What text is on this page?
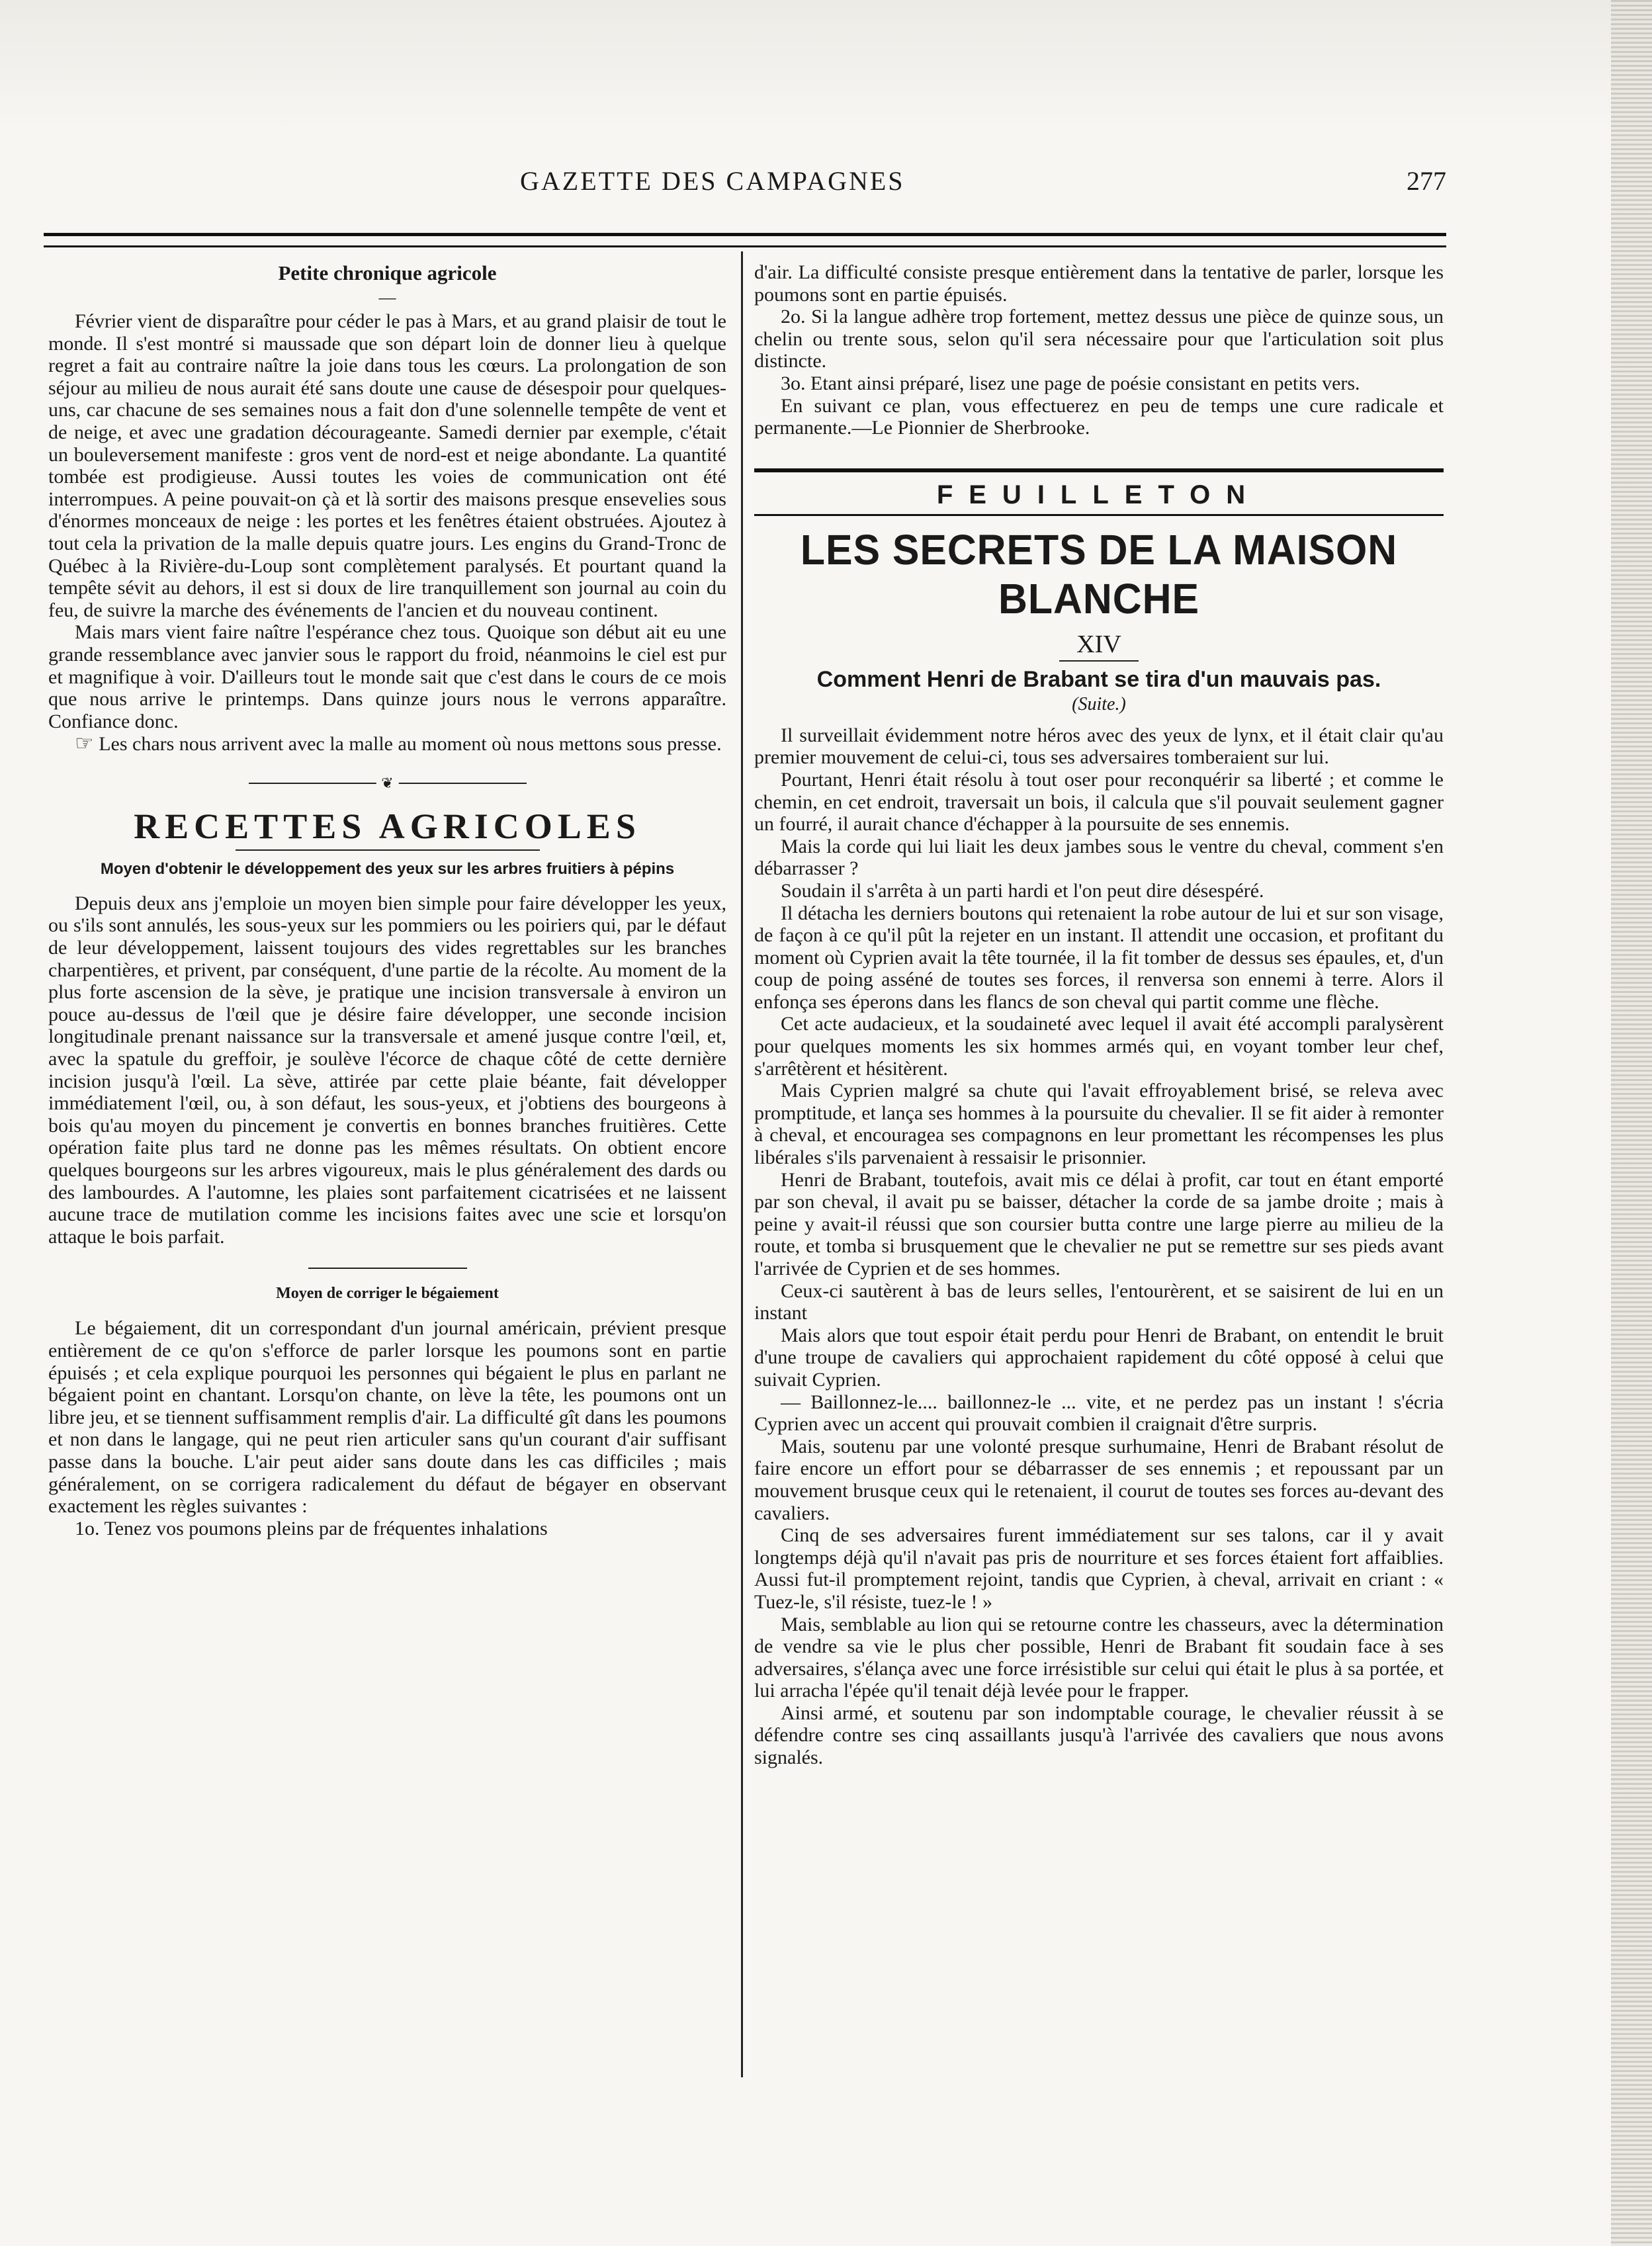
GAZETTE DES CAMPAGNES	277
Petite chronique agricole
—

Février vient de disparaître pour céder le pas à Mars, et au grand plaisir de tout le monde. Il s'est montré si maussade que son départ loin de donner lieu à quelque regret a fait au contraire naître la joie dans tous les cœurs. La prolongation de son séjour au milieu de nous aurait été sans doute une cause de désespoir pour quelques-uns, car chacune de ses semaines nous a fait don d'une solennelle tempête de vent et de neige, et avec une gradation décourageante. Samedi dernier par exemple, c'était un bouleversement manifeste : gros vent de nord-est et neige abondante. La quantité tombée est prodigieuse. Aussi toutes les voies de communication ont été interrompues. A peine pouvait-on çà et là sortir des maisons presque ensevelies sous d'énormes monceaux de neige : les portes et les fenêtres étaient obstruées. Ajoutez à tout cela la privation de la malle depuis quatre jours. Les engins du Grand-Tronc de Québec à la Rivière-du-Loup sont complètement paralysés. Et pourtant quand la tempête sévit au dehors, il est si doux de lire tranquillement son journal au coin du feu, de suivre la marche des événements de l'ancien et du nouveau continent.

Mais mars vient faire naître l'espérance chez tous. Quoique son début ait eu une grande ressemblance avec janvier sous le rapport du froid, néanmoins le ciel est pur et magnifique à voir. D'ailleurs tout le monde sait que c'est dans le cours de ce mois que nous arrive le printemps. Dans quinze jours nous le verrons apparaître. Confiance donc.

☞ Les chars nous arrivent avec la malle au moment où nous mettons sous presse.

❦
RECETTES AGRICOLES

Moyen d'obtenir le développement des yeux sur les arbres fruitiers à pépins

Depuis deux ans j'emploie un moyen bien simple pour faire développer les yeux, ou s'ils sont annulés, les sous-yeux sur les pommiers ou les poiriers qui, par le défaut de leur développement, laissent toujours des vides regrettables sur les branches charpentières, et privent, par conséquent, d'une partie de la récolte. Au moment de la plus forte ascension de la sève, je pratique une incision transversale à environ un pouce au-dessus de l'œil que je désire faire développer, une seconde incision longitudinale prenant naissance sur la transversale et amené jusque contre l'œil, et, avec la spatule du greffoir, je soulève l'écorce de chaque côté de cette dernière incision jusqu'à l'œil. La sève, attirée par cette plaie béante, fait développer immédiatement l'œil, ou, à son défaut, les sous-yeux, et j'obtiens des bourgeons à bois qu'au moyen du pincement je convertis en bonnes branches fruitières. Cette opération faite plus tard ne donne pas les mêmes résultats. On obtient encore quelques bourgeons sur les arbres vigoureux, mais le plus généralement des dards ou des lambourdes. A l'automne, les plaies sont parfaitement cicatrisées et ne laissent aucune trace de mutilation comme les incisions faites avec une scie et lorsqu'on attaque le bois parfait.

Moyen de corriger le bégaiement

Le bégaiement, dit un correspondant d'un journal américain, prévient presque entièrement de ce qu'on s'efforce de parler lorsque les poumons sont en partie épuisés ; et cela explique pourquoi les personnes qui bégaient le plus en parlant ne bégaient point en chantant. Lorsqu'on chante, on lève la tête, les poumons ont un libre jeu, et se tiennent suffisamment remplis d'air. La difficulté gît dans les poumons et non dans le langage, qui ne peut rien articuler sans qu'un courant d'air suffisant passe dans la bouche. L'air peut aider sans doute dans les cas difficiles ; mais généralement, on se corrigera radicalement du défaut de bégayer en observant exactement les règles suivantes :

1o. Tenez vos poumons pleins par de fréquentes inhalations

d'air. La difficulté consiste presque entièrement dans la tentative de parler, lorsque les poumons sont en partie épuisés.

2o. Si la langue adhère trop fortement, mettez dessus une pièce de quinze sous, un chelin ou trente sous, selon qu'il sera nécessaire pour que l'articulation soit plus distincte.

3o. Etant ainsi préparé, lisez une page de poésie consistant en petits vers.

En suivant ce plan, vous effectuerez en peu de temps une cure radicale et permanente.—Le Pionnier de Sherbrooke.

FEUILLETON
LES SECRETS DE LA MAISON BLANCHE
XIV
Comment Henri de Brabant se tira d'un mauvais pas.
(Suite.)

Il surveillait évidemment notre héros avec des yeux de lynx, et il était clair qu'au premier mouvement de celui-ci, tous ses adversaires tomberaient sur lui.

Pourtant, Henri était résolu à tout oser pour reconquérir sa liberté ; et comme le chemin, en cet endroit, traversait un bois, il calcula que s'il pouvait seulement gagner un fourré, il aurait chance d'échapper à la poursuite de ses ennemis.

Mais la corde qui lui liait les deux jambes sous le ventre du cheval, comment s'en débarrasser ?

Soudain il s'arrêta à un parti hardi et l'on peut dire désespéré.

Il détacha les derniers boutons qui retenaient la robe autour de lui et sur son visage, de façon à ce qu'il pût la rejeter en un instant. Il attendit une occasion, et profitant du moment où Cyprien avait la tête tournée, il la fit tomber de dessus ses épaules, et, d'un coup de poing asséné de toutes ses forces, il renversa son ennemi à terre. Alors il enfonça ses éperons dans les flancs de son cheval qui partit comme une flèche.

Cet acte audacieux, et la soudaineté avec lequel il avait été accompli paralysèrent pour quelques moments les six hommes armés qui, en voyant tomber leur chef, s'arrêtèrent et hésitèrent.

Mais Cyprien malgré sa chute qui l'avait effroyablement brisé, se releva avec promptitude, et lança ses hommes à la poursuite du chevalier. Il se fit aider à remonter à cheval, et encouragea ses compagnons en leur promettant les récompenses les plus libérales s'ils parvenaient à ressaisir le prisonnier.

Henri de Brabant, toutefois, avait mis ce délai à profit, car tout en étant emporté par son cheval, il avait pu se baisser, détacher la corde de sa jambe droite ; mais à peine y avait-il réussi que son coursier butta contre une large pierre au milieu de la route, et tomba si brusquement que le chevalier ne put se remettre sur ses pieds avant l'arrivée de Cyprien et de ses hommes.

Ceux-ci sautèrent à bas de leurs selles, l'entourèrent, et se saisirent de lui en un instant

Mais alors que tout espoir était perdu pour Henri de Brabant, on entendit le bruit d'une troupe de cavaliers qui approchaient rapidement du côté opposé à celui que suivait Cyprien.

— Baillonnez-le.... baillonnez-le ... vite, et ne perdez pas un instant ! s'écria Cyprien avec un accent qui prouvait combien il craignait d'être surpris.

Mais, soutenu par une volonté presque surhumaine, Henri de Brabant résolut de faire encore un effort pour se débarrasser de ses ennemis ; et repoussant par un mouvement brusque ceux qui le retenaient, il courut de toutes ses forces au-devant des cavaliers.

Cinq de ses adversaires furent immédiatement sur ses talons, car il y avait longtemps déjà qu'il n'avait pas pris de nourriture et ses forces étaient fort affaiblies. Aussi fut-il promptement rejoint, tandis que Cyprien, à cheval, arrivait en criant : « Tuez-le, s'il résiste, tuez-le ! »

Mais, semblable au lion qui se retourne contre les chasseurs, avec la détermination de vendre sa vie le plus cher possible, Henri de Brabant fit soudain face à ses adversaires, s'élança avec une force irrésistible sur celui qui était le plus à sa portée, et lui arracha l'épée qu'il tenait déjà levée pour le frapper.

Ainsi armé, et soutenu par son indomptable courage, le chevalier réussit à se défendre contre ses cinq assaillants jusqu'à l'arrivée des cavaliers que nous avons signalés.
